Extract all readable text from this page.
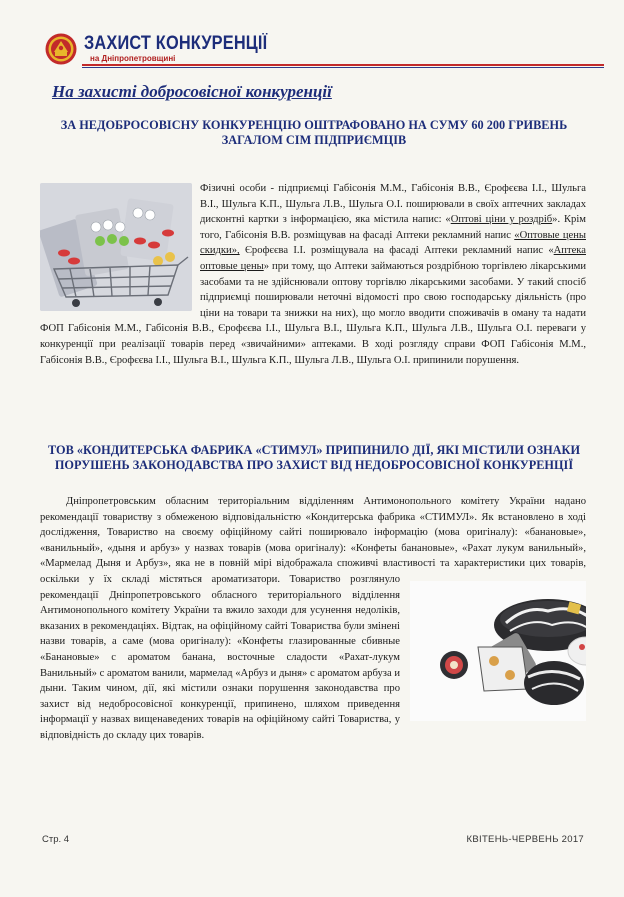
ЗАХИСТ КОНКУРЕНЦІЇ
на Дніпропетровщині
На захисті добросовісної конкуренції
ЗА НЕДОБРОСОВІСНУ КОНКУРЕНЦІЮ ОШТРАФОВАНО НА СУМУ 60 200 ГРИВЕНЬ ЗАГАЛОМ СІМ ПІДПРИЄМЦІВ
Фізичні особи - підприємці Габісонія М.М., Габісонія В.В., Єрофєєва І.І., Шульга В.І., Шульга К.П., Шульга Л.В., Шульга О.І. поширювали в своїх аптечних закладах дисконтні картки з інформацією, яка містила напис: «Оптові ціни у роздріб». Крім того, Габісонія В.В. розміщував на фасаді Аптеки рекламний напис «Оптовые цены скидки», Єрофєєва І.І. розміщувала на фасаді Аптеки рекламний напис «Аптека оптовые цены» при тому, що Аптеки займаються роздрібною торгівлею лікарськими засобами та не здійснювали оптову торгівлю лікарськими засобами. У такий спосіб підприємці поширювали неточні відомості про свою господарську діяльність (про ціни на товари та знижки на них), що могло вводити споживачів в оману та надати ФОП Габісонія М.М., Габісонія В.В., Єрофєєва І.І., Шульга В.І., Шульга К.П., Шульга Л.В., Шульга О.І. переваги у конкуренції при реалізації товарів перед «звичайними» аптеками. В ході розгляду справи ФОП Габісонія М.М., Габісонія В.В., Єрофєєва І.І., Шульга В.І., Шульга К.П., Шульга Л.В., Шульга О.І. припинили порушення.
ТОВ «КОНДИТЕРСЬКА ФАБРИКА «СТИМУЛ» ПРИПИНИЛО ДІЇ, ЯКІ МІСТИЛИ ОЗНАКИ ПОРУШЕНЬ ЗАКОНОДАВСТВА ПРО ЗАХИСТ ВІД НЕДОБРОСОВІСНОЇ КОНКУРЕНЦІЇ
Дніпропетровським обласним територіальним відділенням Антимонопольного комітету України надано рекомендації товариству з обмеженою відповідальністю «Кондитерська фабрика «СТИМУЛ». Як встановлено в ході дослідження, Товариство на своєму офіційному сайті поширювало інформацію (мова оригіналу): «банановые», «ванильный», «дыня и арбуз» у назвах товарів (мова оригіналу): «Конфеты банановые», «Рахат лукум ванильный», «Мармелад Дыня и Арбуз», яка не в повній мірі відображала споживчі властивості та характеристики цих товарів, оскільки у їх складі містяться ароматизатори. Товариство розглянуло рекомендації Дніпропетровського обласного територіального відділення Антимонопольного комітету України та вжило заходи для усунення недоліків, вказаних в рекомендаціях. Відтак, на офіційному сайті Товариства були змінені назви товарів, а саме (мова оригіналу): «Конфеты глазированные сбивные «Банановые» с ароматом банана, восточные сладости «Рахат-лукум Ванильный» с ароматом ванили, мармелад «Арбуз и дыня» с ароматом арбуза и дыни. Таким чином, дії, які містили ознаки порушення законодавства про захист від недобросовісної конкуренції, припинено, шляхом приведення інформації у назвах вищенаведених товарів на офіційному сайті Товариства, у відповідність до складу цих товарів.
Стр. 4	КВІТЕНЬ-ЧЕРВЕНЬ 2017
